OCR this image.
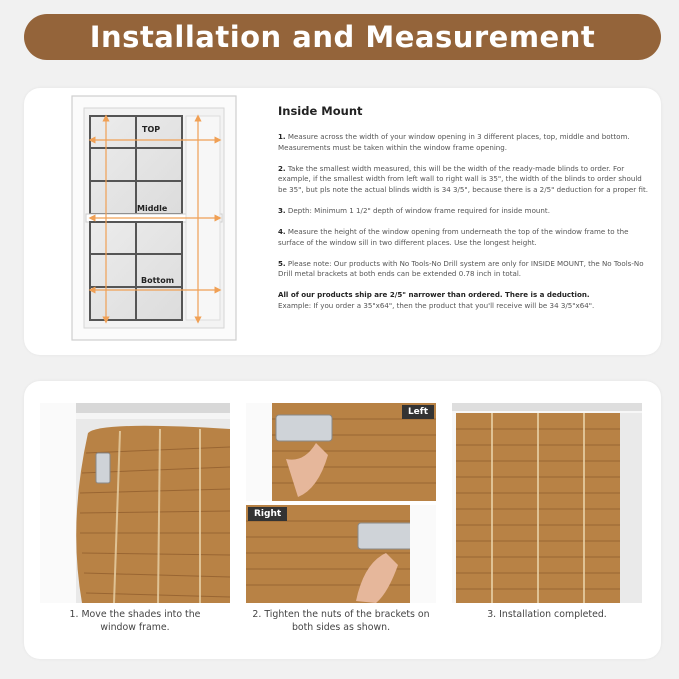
Installation and Measurement
TOP
Middle
Bottom
Inside Mount

1. Measure across the width of your window opening in 3 different places, top, middle and bottom. Measurements must be taken within the window frame opening.

2. Take the smallest width measured, this will be the width of the ready-made blinds to order. For example, if the smallest width from left wall to right wall is 35", the width of the blinds to order should be 35", but pls note the actual blinds width is 34 3/5", because there is a 2/5" deduction for a proper fit.

3. Depth: Minimum 1 1/2" depth of window frame required for inside mount.

4. Measure the height of the window opening from underneath the top of the window frame to the surface of the window sill in two different places. Use the longest height.

5. Please note: Our products with No Tools-No Drill system are only for INSIDE MOUNT, the No Tools-No Drill metal brackets at both ends can be extended 0.78 inch in total.

All of our products ship are 2/5" narrower than ordered. There is a deduction.
Example: If you order a 35"x64", then the product that you'll receive will be 34 3/5"x64".

Left
Right
1. Move the shades into the
window frame.
2. Tighten the nuts of the brackets on
both sides as shown.
3. Installation completed.
